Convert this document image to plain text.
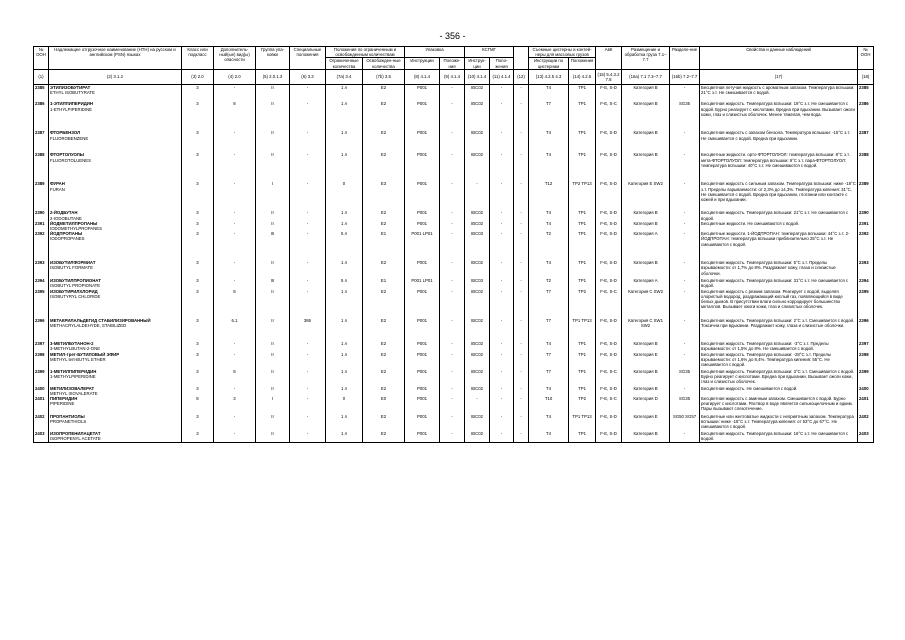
- 356 -
№ ООН	Надлежащее отгрузочное наименование (НТН) на русском и английском (PSN) языках	Класс или подкласс	Дополнитель-ный(ые) вид(ы) опасности	Группа упа-ковки	Специальные положения	Положения по ограниченным и освобожденным количествам		Упаковка		КСГМГ			Съемные цистерны и контей-неры для массовых грузов		АвК	Размещение и обработка груза 7.1–7.7	Разделе-ние	Свойства и данные наблюдений	№ ООН
						Ограниченные количества	Освобожден-ные количества	Инструкции	Положе-ния	Инструк-ции	Поло-жения		Инструкции по цистернам	Положения					
(1)	(2) 3.1.2	(3) 2.0	(4) 2.0	(5) 2.0.1.3	(6) 3.3	(7a) 3.4	(7b) 3.5	(8) 4.1.4	(9) 4.1.4	(10) 4.1.4	(11) 4.1.4	(12)	(13) 4.2.5 4.3	(14) 4.2.5	(15) 5.4.3.2 7.8	(16a) 7.1 7.3–7.7	(16b) 7.2–7.7	(17)	(18)
2385	ЭТИЛИЗОБУТИРАТ
ETHYL ISOBUTYRATE	3	-	II	-	1 л	E2	P001	-	IBC02	-	-	T4	TP1	F-E, S-D	Категория B	-	Бесцветная летучая жидкость с ароматным запахом. Температура вспышки: 21°C з.т. Не смешивается с водой.	2385
2386	1-ЭТИЛПИПЕРИДИН
1-ETHYLPIPERIDINE	3	8	II	-	1 л	E2	P001	-	IBC02	-	-	T7	TP1	F-E, S-C	Категория B	SG35	Бесцветная жидкость. Температура вспышки: 19°C з.т. Не смешивается с водой. Бурно реагирует с кислотами. Вредна при вдыхании. Вызывает ожоги кожи, глаз и слизистых оболочек. Менее тяжелая, чем вода.	2386
2387	ФТОРБЕНЗОЛ
FLUOROBENZENE	3	-	II	-	1 л	E2	P001	-	IBC02	-	-	T4	TP1	F-E, S-D	Категория B	-	Бесцветная жидкость с запахом бензола. Температура вспышки: -15°C з.т. Не смешивается с водой. Вредна при вдыхании.	2387
2388	ФТОРТОЛУОЛЫ
FLUOROTOLUENES	3	-	II	-	1 л	E2	P001	-	IBC02	-	-	T4	TP1	F-E, S-D	Категория B	-	Бесцветные жидкости. орто-ФТОРТОЛУОЛ: температура вспышки: 8°C з.т. мета-ФТОРТОЛУОЛ: температура вспышки: 9°C з.т. пара-ФТОРТОЛУОЛ: температура вспышки: 40°C з.т. Не смешиваются с водой.	2388
2389	ФУРАН
FURAN	3	-	I	-	0	E3	P001	-	-	-	-	T12	TP2 TP13	F-E, S-D	Категория E SW2	-	Бесцветная жидкость с сильным запахом. Температура вспышки: ниже -18°C з.т. Пределы взрываемости: от 2,3% до 14,3%. Температура кипения: 31°C. Не смешивается с водой. Вредна при вдыхании, глотании или контакте с кожей и при вдыхании.	2389
2390	2-ЙОДБУТАН
2-IODOBUTANE	3	-	II	-	1 л	E2	P001	-	IBC02	-	-	T4	TP1	F-E, S-D	Категория B	-	Бесцветная жидкость. Температура вспышки: 21°C з.т. Не смешивается с водой.	2390
2391	ЙОДМЕТИЛПРОПАНЫ
IODOMETHYLPROPANES	3	-	II	-	1 л	E2	P001	-	IBC02	-	-	T4	TP1	F-E, S-D	Категория B	-	Бесцветные жидкости. Не смешиваются с водой.	2391
2392	ЙОДПРОПАНЫ
IODOPROPANES	3	-	III	-	5 л	E1	P001 LP01	-	IBC03	-	-	T2	TP1	F-E, S-D	Категория A	-	Бесцветные жидкости. 1-ЙОДПРОПАН: температура вспышки: 44°C з.т. 2-ЙОДПРОПАН: температура вспышки приблизительно 25°C з.т. Не смешиваются с водой.	2392
2393	ИЗОБУТИЛФОРМИАТ
ISOBUTYL FORMATE	3	-	II	-	1 л	E2	P001	-	IBC02	-	-	T4	TP1	F-E, S-D	Категория B	-	Бесцветная жидкость. Температура вспышки: 5°C з.т. Пределы взрываемости: от 1,7% до 8%. Раздражает кожу, глаза и слизистые оболочки.	2393
2394	ИЗОБУТИЛПРОПИОНАТ
ISOBUTYL PROPIONATE	3	-	III	-	5 л	E1	P001 LP01	-	IBC03	-	-	T2	TP1	F-E, S-D	Категория A	-	Бесцветная жидкость. Температура вспышки: 31°C з.т. Не смешивается с водой.	2394
2395	ИЗОБУТИРИЛХЛОРИД
ISOBUTYRYL CHLORIDE	3	8	II	-	1 л	E2	P001	-	IBC02	-	-	T7	TP2	F-E, S-C	Категория C SW2	-	Бесцветная жидкость с резким запахом. Реагирует с водой, выделяя хлористый водород, раздражающий кислый газ, появляющийся в виде белых дымов. В присутствии влаги сильно корродирует большинство металлов. Вызывает ожоги кожи, глаз и слизистых оболочек.	2395
2396	МЕТАКРИЛАЛЬДЕГИД СТАБИЛИЗИРОВАННЫЙ
METHACRYLALDEHYDE, STABILIZED	3	6.1	II	386	1 л	E2	P001	-	IBC02	-	-	T7	TP1 TP13	F-E, S-D	Категория C SW1 SW2	-	Бесцветная жидкость. Температура вспышки: 2°C з.т. Смешивается с водой. Токсична при вдыхании. Раздражает кожу, глаза и слизистые оболочки.	2396
2397	3-МЕТИЛБУТАНОН-2
3-METHYLBUTAN-2-ONE	3	-	II	-	1 л	E2	P001	-	IBC02	-	-	T4	TP1	F-E, S-D	Категория B	-	Бесцветная жидкость. Температура вспышки: -3°C з.т. Пределы взрываемости: от 1,5% до 8%. Не смешивается с водой.	2397
2398	МЕТИЛ-трет-БУТИЛОВЫЙ ЭФИР
METHYL tert-BUTYL ETHER	3	-	II	-	1 л	E2	P001	-	IBC02	-	-	T7	TP1	F-E, S-D	Категория E	-	Бесцветная жидкость. Температура вспышки: -28°C з.т. Пределы взрываемости: от 1,6% до 8,4%. Температура кипения: 55°C. Не смешивается с водой.	2398
2399	1-МЕТИЛПИПЕРИДИН
1-METHYLPIPERIDINE	3	8	II	-	1 л	E2	P001	-	IBC02	-	-	T7	TP1	F-E, S-C	Категория B	SG35	Бесцветная жидкость. Температура вспышки: 3°C з.т. Смешивается с водой. Бурно реагирует с кислотами. Вредна при вдыхании. Вызывает ожоги кожи, глаз и слизистых оболочек.	2399
2400	МЕТИЛИЗОВАЛЕРАТ
METHYL ISOVALERATE	3	-	II	-	1 л	E2	P001	-	IBC02	-	-	T4	TP1	F-E, S-D	Категория B	-	Бесцветная жидкость. Не смешивается с водой.	2400
2401	ПИПЕРИДИН
PIPERIDINE	8	3	I	-	0	E0	P001	-	-	-	-	T10	TP2	F-E, S-C	Категория D	SG35	Бесцветная жидкость с аминным запахом. Смешивается с водой. Бурно реагирует с кислотами. Раствор в воде является сильнощелочным и едким. Пары вызывают слезотечение.	2401
2402	ПРОПАНТИОЛЫ
PROPANETHIOLS	3	-	II	-	1 л	E2	P001	-	IBC02	-	-	T4	TP1 TP13	F-E, S-D	Категория E	SG50 SG57	Бесцветные или желтоватые жидкости с неприятным запахом. Температура вспышки: ниже -18°C з.т. Температура кипения: от 53°C до 67°C. Не смешиваются с водой.	2402
2403	ИЗОПРОПЕНИЛАЦЕТАТ
ISOPROPENYL ACETATE	3	-	II	-	1 л	E2	P001	-	IBC02	-	-	T4	TP1	F-E, S-D	Категория B	-	Бесцветная жидкость. Температура вспышки: 16°C з.т. Не смешивается с водой.	2403
